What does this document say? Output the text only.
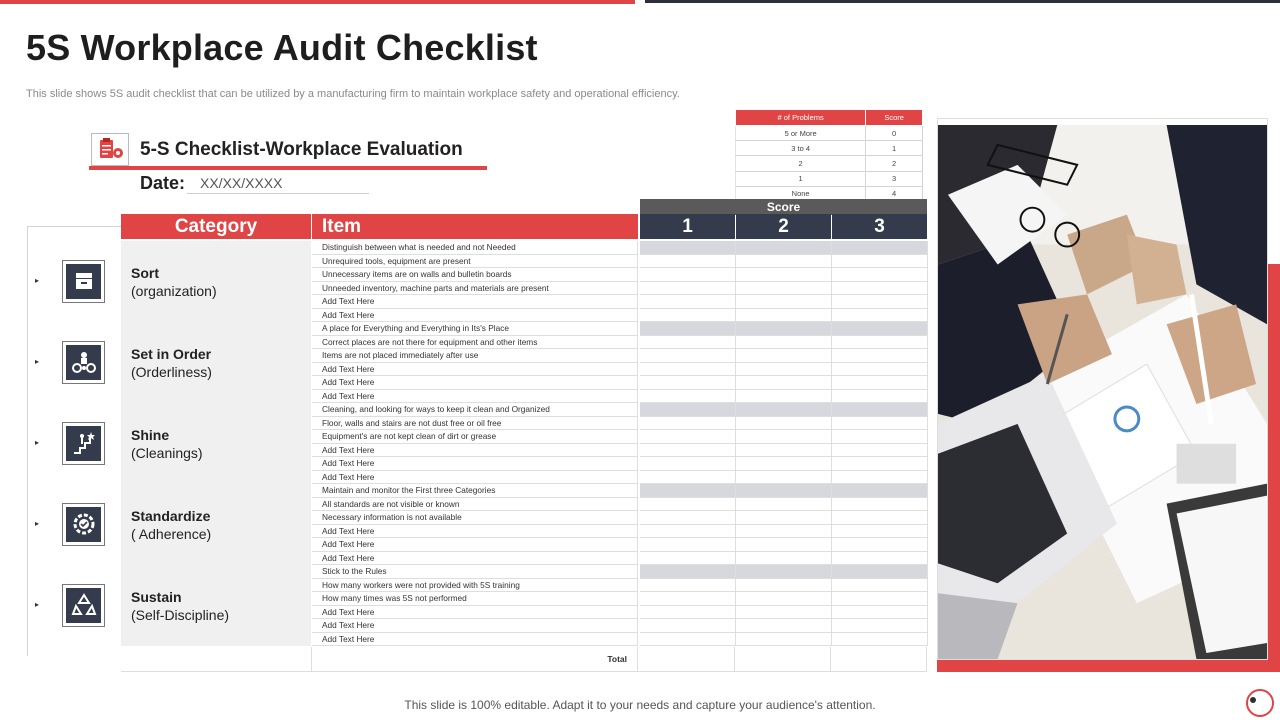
5S Workplace Audit Checklist

This slide shows 5S audit checklist that can be utilized by a manufacturing firm to maintain workplace safety and operational efficiency.

# of Problems	Score
5 or More	0
3 to 4	1
2	2
1	3
None	4
5-S Checklist-Workplace Evaluation
Date:	XX/XX/XXXX
Score
Category	Item	1	2	3
Sort
(organization)
▸
Distinguish between what is needed and not Needed
Unrequired tools, equipment are present
Unnecessary items are on walls and bulletin boards
Unneeded inventory, machine parts and materials are present
Add Text Here
Add Text Here
Set in Order
(Orderliness)
▸
A place for Everything and Everything in Its's Place
Correct places are not there for equipment and other items
Items are not placed immediately after use
Add Text Here
Add Text Here
Add Text Here
Shine
(Cleanings)
▸
Cleaning, and looking for ways to keep it clean and Organized
Floor, walls and stairs are not dust free or oil free
Equipment's are not kept clean of dirt or grease
Add Text Here
Add Text Here
Add Text Here
Standardize
( Adherence)
▸
Maintain and monitor the First three Categories
All standards are not visible or known
Necessary information is not available
Add Text Here
Add Text Here
Add Text Here
Sustain
(Self-Discipline)
▸
Stick to the Rules
How many workers were not provided with 5S training
How many times was 5S not performed
Add Text Here
Add Text Here
Add Text Here
Total
This slide is 100% editable. Adapt it to your needs and capture your audience's attention.
